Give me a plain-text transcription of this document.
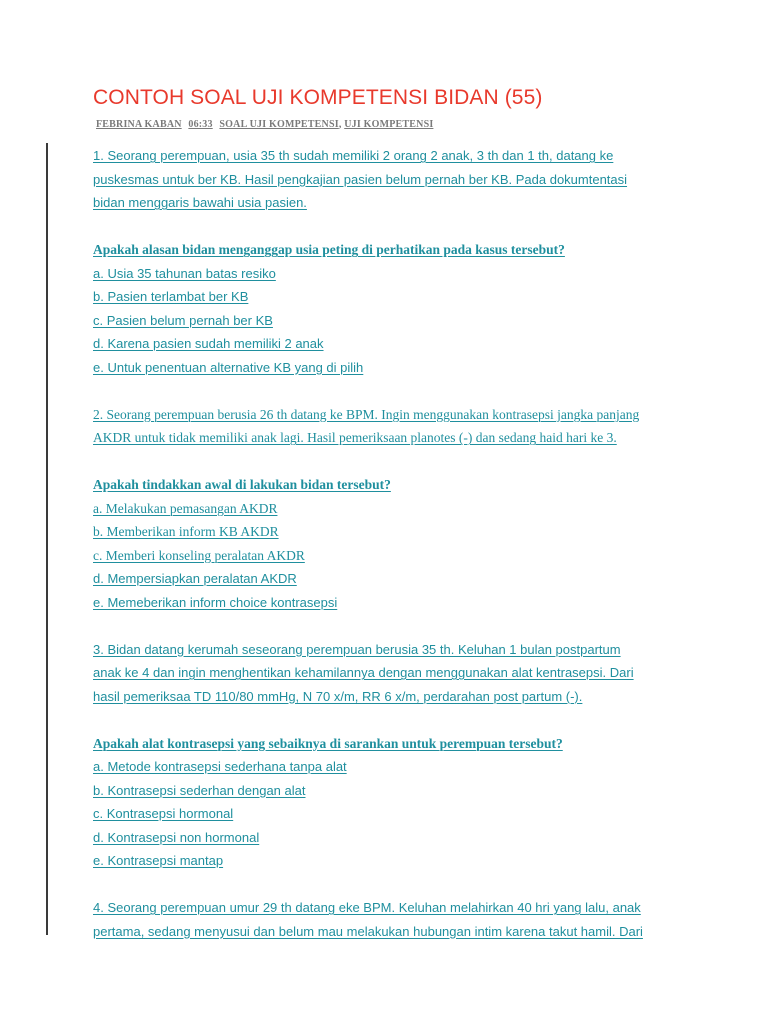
CONTOH SOAL UJI KOMPETENSI BIDAN (55)
FEBRINA KABAN 06:33 SOAL UJI KOMPETENSI, UJI KOMPETENSI
1. Seorang perempuan, usia 35 th sudah memiliki 2 orang 2 anak, 3 th dan 1 th, datang ke
puskesmas untuk ber KB. Hasil pengkajian pasien belum pernah ber KB. Pada dokumtentasi
bidan menggaris bawahi usia pasien.
Apakah alasan bidan menganggap usia peting di perhatikan pada kasus tersebut?
a. Usia 35 tahunan batas resiko
b. Pasien terlambat ber KB
c. Pasien belum pernah ber KB
d. Karena pasien sudah memiliki 2 anak
e. Untuk penentuan alternative KB yang di pilih
2. Seorang perempuan berusia 26 th datang ke BPM. Ingin menggunakan kontrasepsi jangka panjang
AKDR untuk tidak memiliki anak lagi. Hasil pemeriksaan planotes (-) dan sedang haid hari ke 3.
Apakah tindakkan awal di lakukan bidan tersebut?
a. Melakukan pemasangan AKDR
b. Memberikan inform KB AKDR
c. Memberi konseling peralatan AKDR
d. Mempersiapkan peralatan AKDR
e. Memeberikan inform choice kontrasepsi
3. Bidan datang kerumah seseorang perempuan berusia 35 th. Keluhan 1 bulan postpartum
anak ke 4 dan ingin menghentikan kehamilannya dengan menggunakan alat kentrasepsi. Dari
hasil pemeriksaa TD 110/80 mmHg, N 70 x/m, RR 6 x/m, perdarahan post partum (-).
Apakah alat kontrasepsi yang sebaiknya di sarankan untuk perempuan tersebut?
a. Metode kontrasepsi sederhana tanpa alat
b. Kontrasepsi sederhan dengan alat
c. Kontrasepsi hormonal
d. Kontrasepsi non hormonal
e. Kontrasepsi mantap
4. Seorang perempuan umur 29 th datang eke BPM. Keluhan melahirkan 40 hri yang lalu, anak
pertama, sedang menyusui dan belum mau melakukan hubungan intim karena takut hamil. Dari
